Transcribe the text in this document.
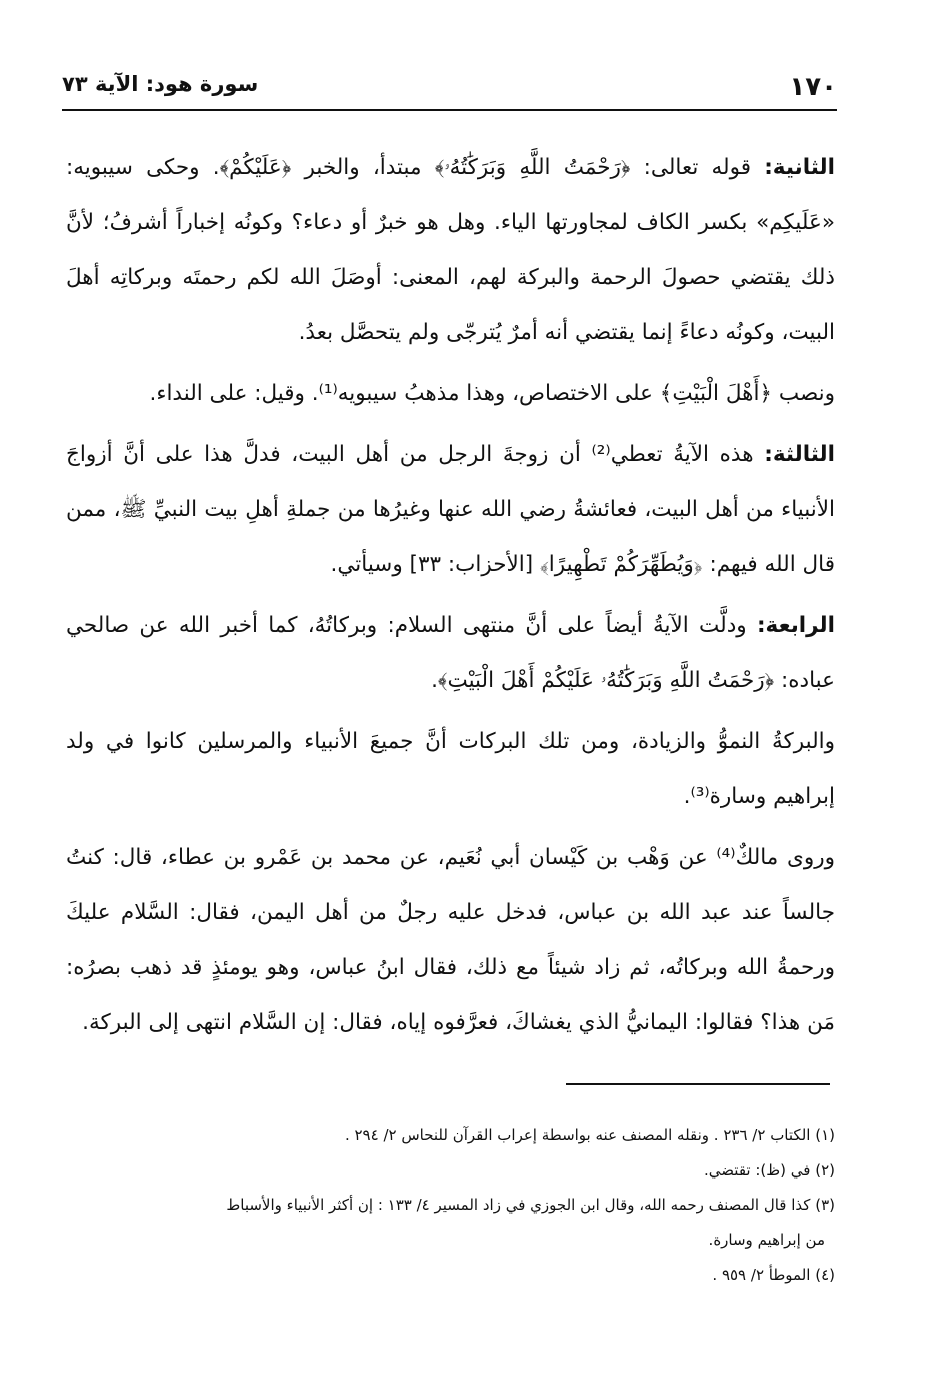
١٧٠
سورة هود: الآية ٧٣

الثانية: قوله تعالى: ﴿رَحْمَتُ اللَّهِ وَبَرَكَٰتُهُۥ﴾ مبتدأ، والخبر ﴿عَلَيْكُمْ﴾. وحكى سيبويه: «عَلَيكِم» بكسر الكاف لمجاورتها الياء. وهل هو خبرٌ أو دعاء؟ وكونُه إخباراً أشرفُ؛ لأنَّ ذلك يقتضي حصولَ الرحمة والبركة لهم، المعنى: أوصَلَ الله لكم رحمتَه وبركاتِه أهلَ البيت، وكونُه دعاءً إنما يقتضي أنه أمرٌ يُترجّى ولم يتحصَّل بعدُ.

ونصب ﴿أَهْلَ الْبَيْتِ﴾ على الاختصاص، وهذا مذهبُ سيبويه⁽¹⁾. وقيل: على النداء.

الثالثة: هذه الآيةُ تعطي⁽²⁾ أن زوجةَ الرجل من أهل البيت، فدلَّ هذا على أنَّ أزواجَ الأنبياء من أهل البيت، فعائشةُ رضي الله عنها وغيرُها من جملةِ أهلِ بيت النبيِّ ﷺ، ممن قال الله فيهم: ﴿وَيُطَهِّرَكُمْ تَطْهِيرًا﴾ [الأحزاب: ٣٣] وسيأتي.

الرابعة: ودلَّت الآيةُ أيضاً على أنَّ منتهى السلام: وبركاتُهُ، كما أخبر الله عن صالحي عباده: ﴿رَحْمَتُ اللَّهِ وَبَرَكَٰتُهُۥ عَلَيْكُمْ أَهْلَ الْبَيْتِ﴾.

والبركةُ النموُّ والزيادة، ومن تلك البركات أنَّ جميعَ الأنبياء والمرسلين كانوا في ولد إبراهيم وسارة⁽³⁾.

وروى مالكٌ⁽⁴⁾ عن وَهْب بن كَيْسان أبي نُعَيم، عن محمد بن عَمْرو بن عطاء، قال: كنتُ جالساً عند عبد الله بن عباس، فدخل عليه رجلٌ من أهل اليمن، فقال: السَّلام عليكَ ورحمةُ الله وبركاتُه، ثم زاد شيئاً مع ذلك، فقال ابنُ عباس، وهو يومئذٍ قد ذهب بصرُه: مَن هذا؟ فقالوا: اليمانيُّ الذي يغشاكَ، فعرَّفوه إياه، فقال: إن السَّلام انتهى إلى البركة.

(١) الكتاب ٢/ ٢٣٦ . ونقله المصنف عنه بواسطة إعراب القرآن للنحاس ٢/ ٢٩٤ .

(٢) في (ظ): تقتضي.

(٣) كذا قال المصنف رحمه الله، وقال ابن الجوزي في زاد المسير ٤/ ١٣٣ : إن أكثر الأنبياء والأسباط

من إبراهيم وسارة.

(٤) الموطأ ٢/ ٩٥٩ .
